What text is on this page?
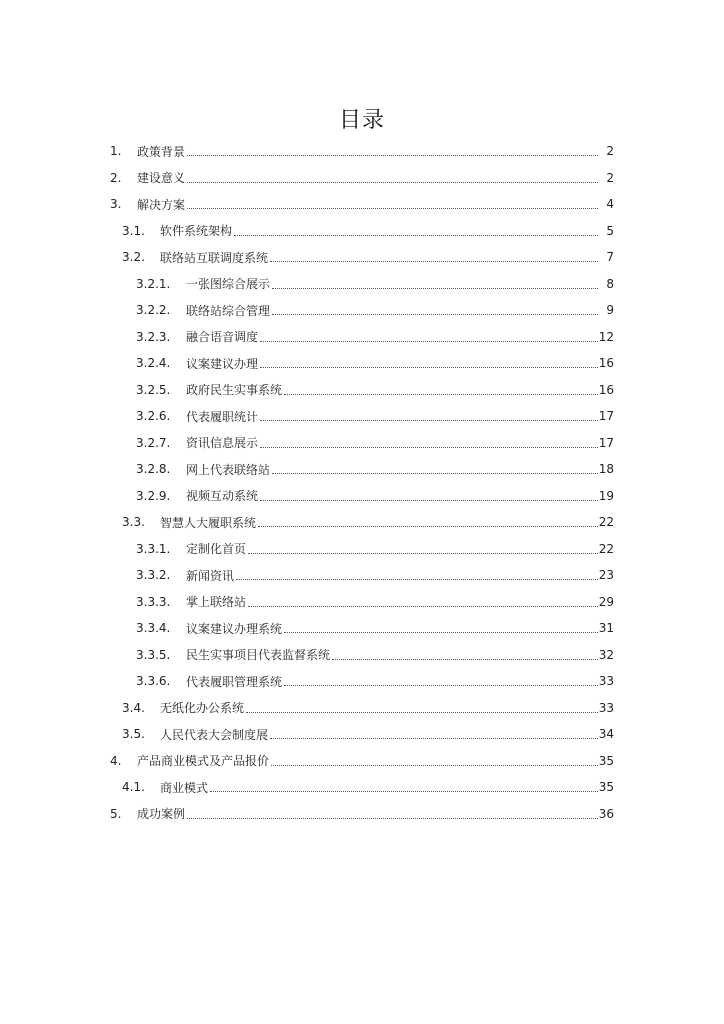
目录
1. 政策背景	2
2. 建设意义	2
3. 解决方案	4
3.1. 软件系统架构	5
3.2. 联络站互联调度系统	7
3.2.1. 一张图综合展示	8
3.2.2. 联络站综合管理	9
3.2.3. 融合语音调度	12
3.2.4. 议案建议办理	16
3.2.5. 政府民生实事系统	16
3.2.6. 代表履职统计	17
3.2.7. 资讯信息展示	17
3.2.8. 网上代表联络站	18
3.2.9. 视频互动系统	19
3.3. 智慧人大履职系统	22
3.3.1. 定制化首页	22
3.3.2. 新闻资讯	23
3.3.3. 掌上联络站	29
3.3.4. 议案建议办理系统	31
3.3.5. 民生实事项目代表监督系统	32
3.3.6. 代表履职管理系统	33
3.4. 无纸化办公系统	33
3.5. 人民代表大会制度展	34
4. 产品商业模式及产品报价	35
4.1. 商业模式	35
5. 成功案例	36
